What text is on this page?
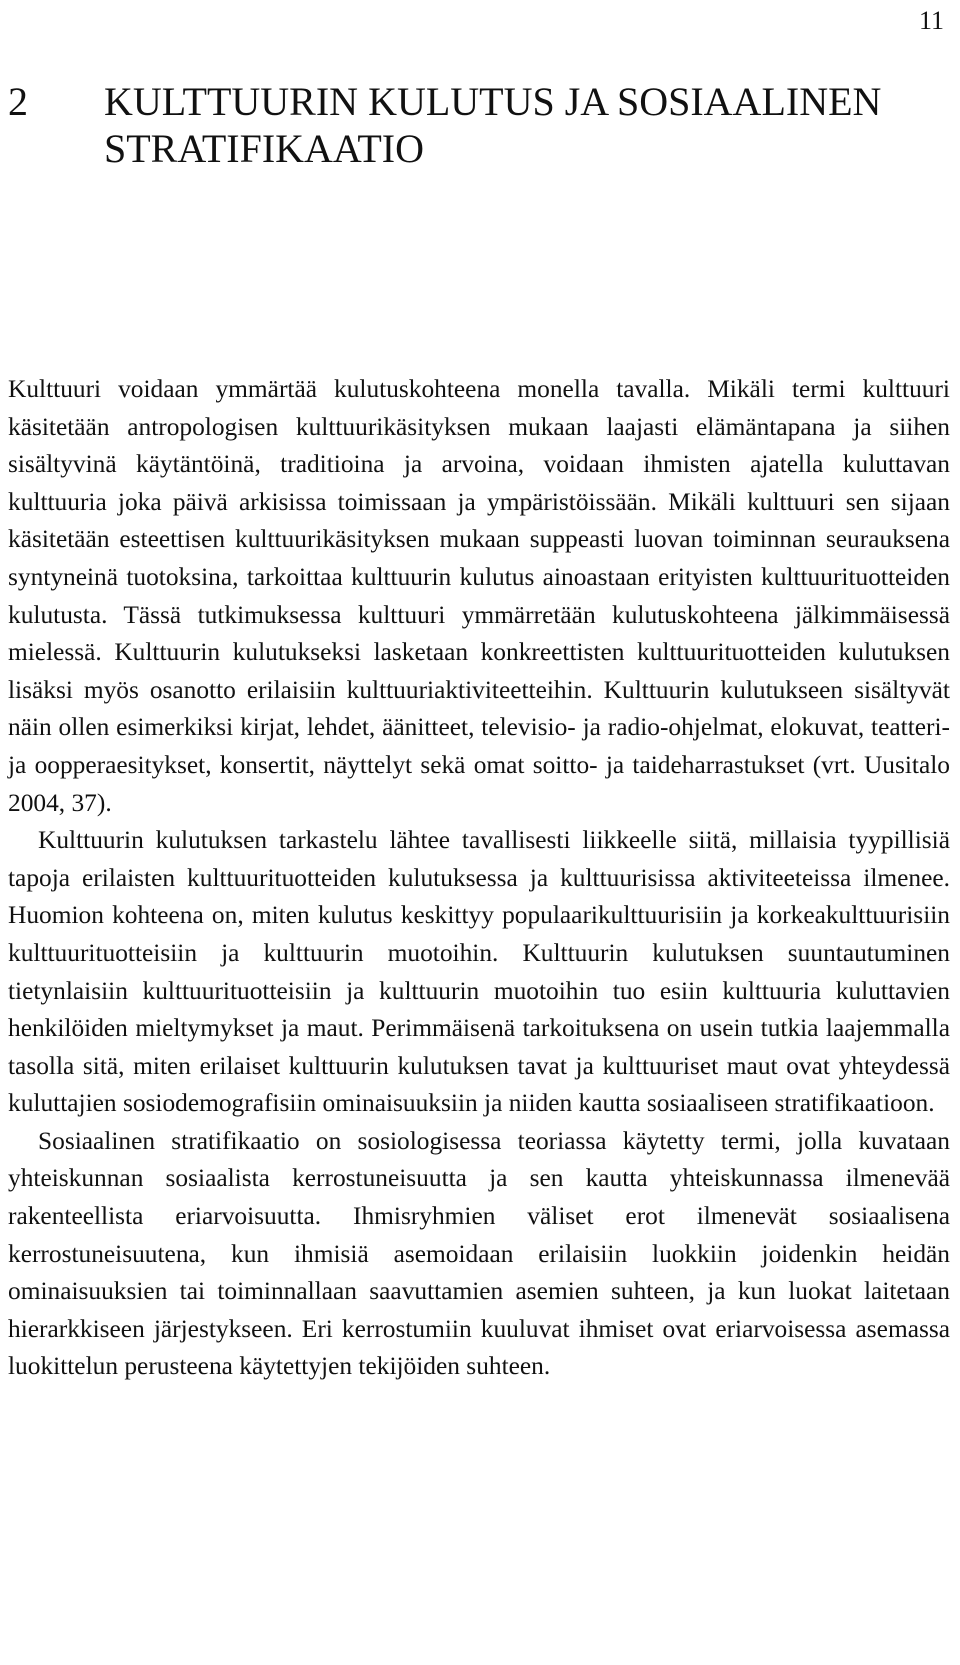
11
2	KULTTUURIN KULUTUS JA SOSIAALINEN STRATIFIKAATIO

Kulttuuri voidaan ymmärtää kulutuskohteena monella tavalla. Mikäli termi kulttuuri käsitetään antropologisen kulttuurikäsityksen mukaan laajasti elämäntapana ja siihen sisältyvinä käytäntöinä, traditioina ja arvoina, voidaan ihmisten ajatella kuluttavan kulttuuria joka päivä arkisissa toimissaan ja ympäristöissään. Mikäli kulttuuri sen sijaan käsitetään esteettisen kulttuurikäsityksen mukaan suppeasti luovan toiminnan seurauksena syntyneinä tuotoksina, tarkoittaa kulttuurin kulutus ainoastaan erityisten kulttuurituotteiden kulutusta. Tässä tutkimuksessa kulttuuri ymmärretään kulutuskohteena jälkimmäisessä mielessä. Kulttuurin kulutukseksi lasketaan konkreettisten kulttuurituotteiden kulutuksen lisäksi myös osanotto erilaisiin kulttuuriaktiviteetteihin. Kulttuurin kulutukseen sisältyvät näin ollen esimerkiksi kirjat, lehdet, äänitteet, televisio- ja radio-ohjelmat, elokuvat, teatteri- ja oopperaesitykset, konsertit, näyttelyt sekä omat soitto- ja taideharrastukset (vrt. Uusitalo 2004, 37).

Kulttuurin kulutuksen tarkastelu lähtee tavallisesti liikkeelle siitä, millaisia tyypillisiä tapoja erilaisten kulttuurituotteiden kulutuksessa ja kulttuurisissa aktiviteeteissa ilmenee. Huomion kohteena on, miten kulutus keskittyy populaarikulttuurisiin ja korkeakulttuurisiin kulttuurituotteisiin ja kulttuurin muotoihin. Kulttuurin kulutuksen suuntautuminen tietynlaisiin kulttuurituotteisiin ja kulttuurin muotoihin tuo esiin kulttuuria kuluttavien henkilöiden mieltymykset ja maut. Perimmäisenä tarkoituksena on usein tutkia laajemmalla tasolla sitä, miten erilaiset kulttuurin kulutuksen tavat ja kulttuuriset maut ovat yhteydessä kuluttajien sosiodemografisiin ominaisuuksiin ja niiden kautta sosiaaliseen stratifikaatioon.

Sosiaalinen stratifikaatio on sosiologisessa teoriassa käytetty termi, jolla kuvataan yhteiskunnan sosiaalista kerrostuneisuutta ja sen kautta yhteiskunnassa ilmenevää rakenteellista eriarvoisuutta. Ihmisryhmien väliset erot ilmenevät sosiaalisena kerrostuneisuutena, kun ihmisiä asemoidaan erilaisiin luokkiin joidenkin heidän ominaisuuksien tai toiminnallaan saavuttamien asemien suhteen, ja kun luokat laitetaan hierarkkiseen järjestykseen. Eri kerrostumiin kuuluvat ihmiset ovat eriarvoisessa asemassa luokittelun perusteena käytettyjen tekijöiden suhteen.
